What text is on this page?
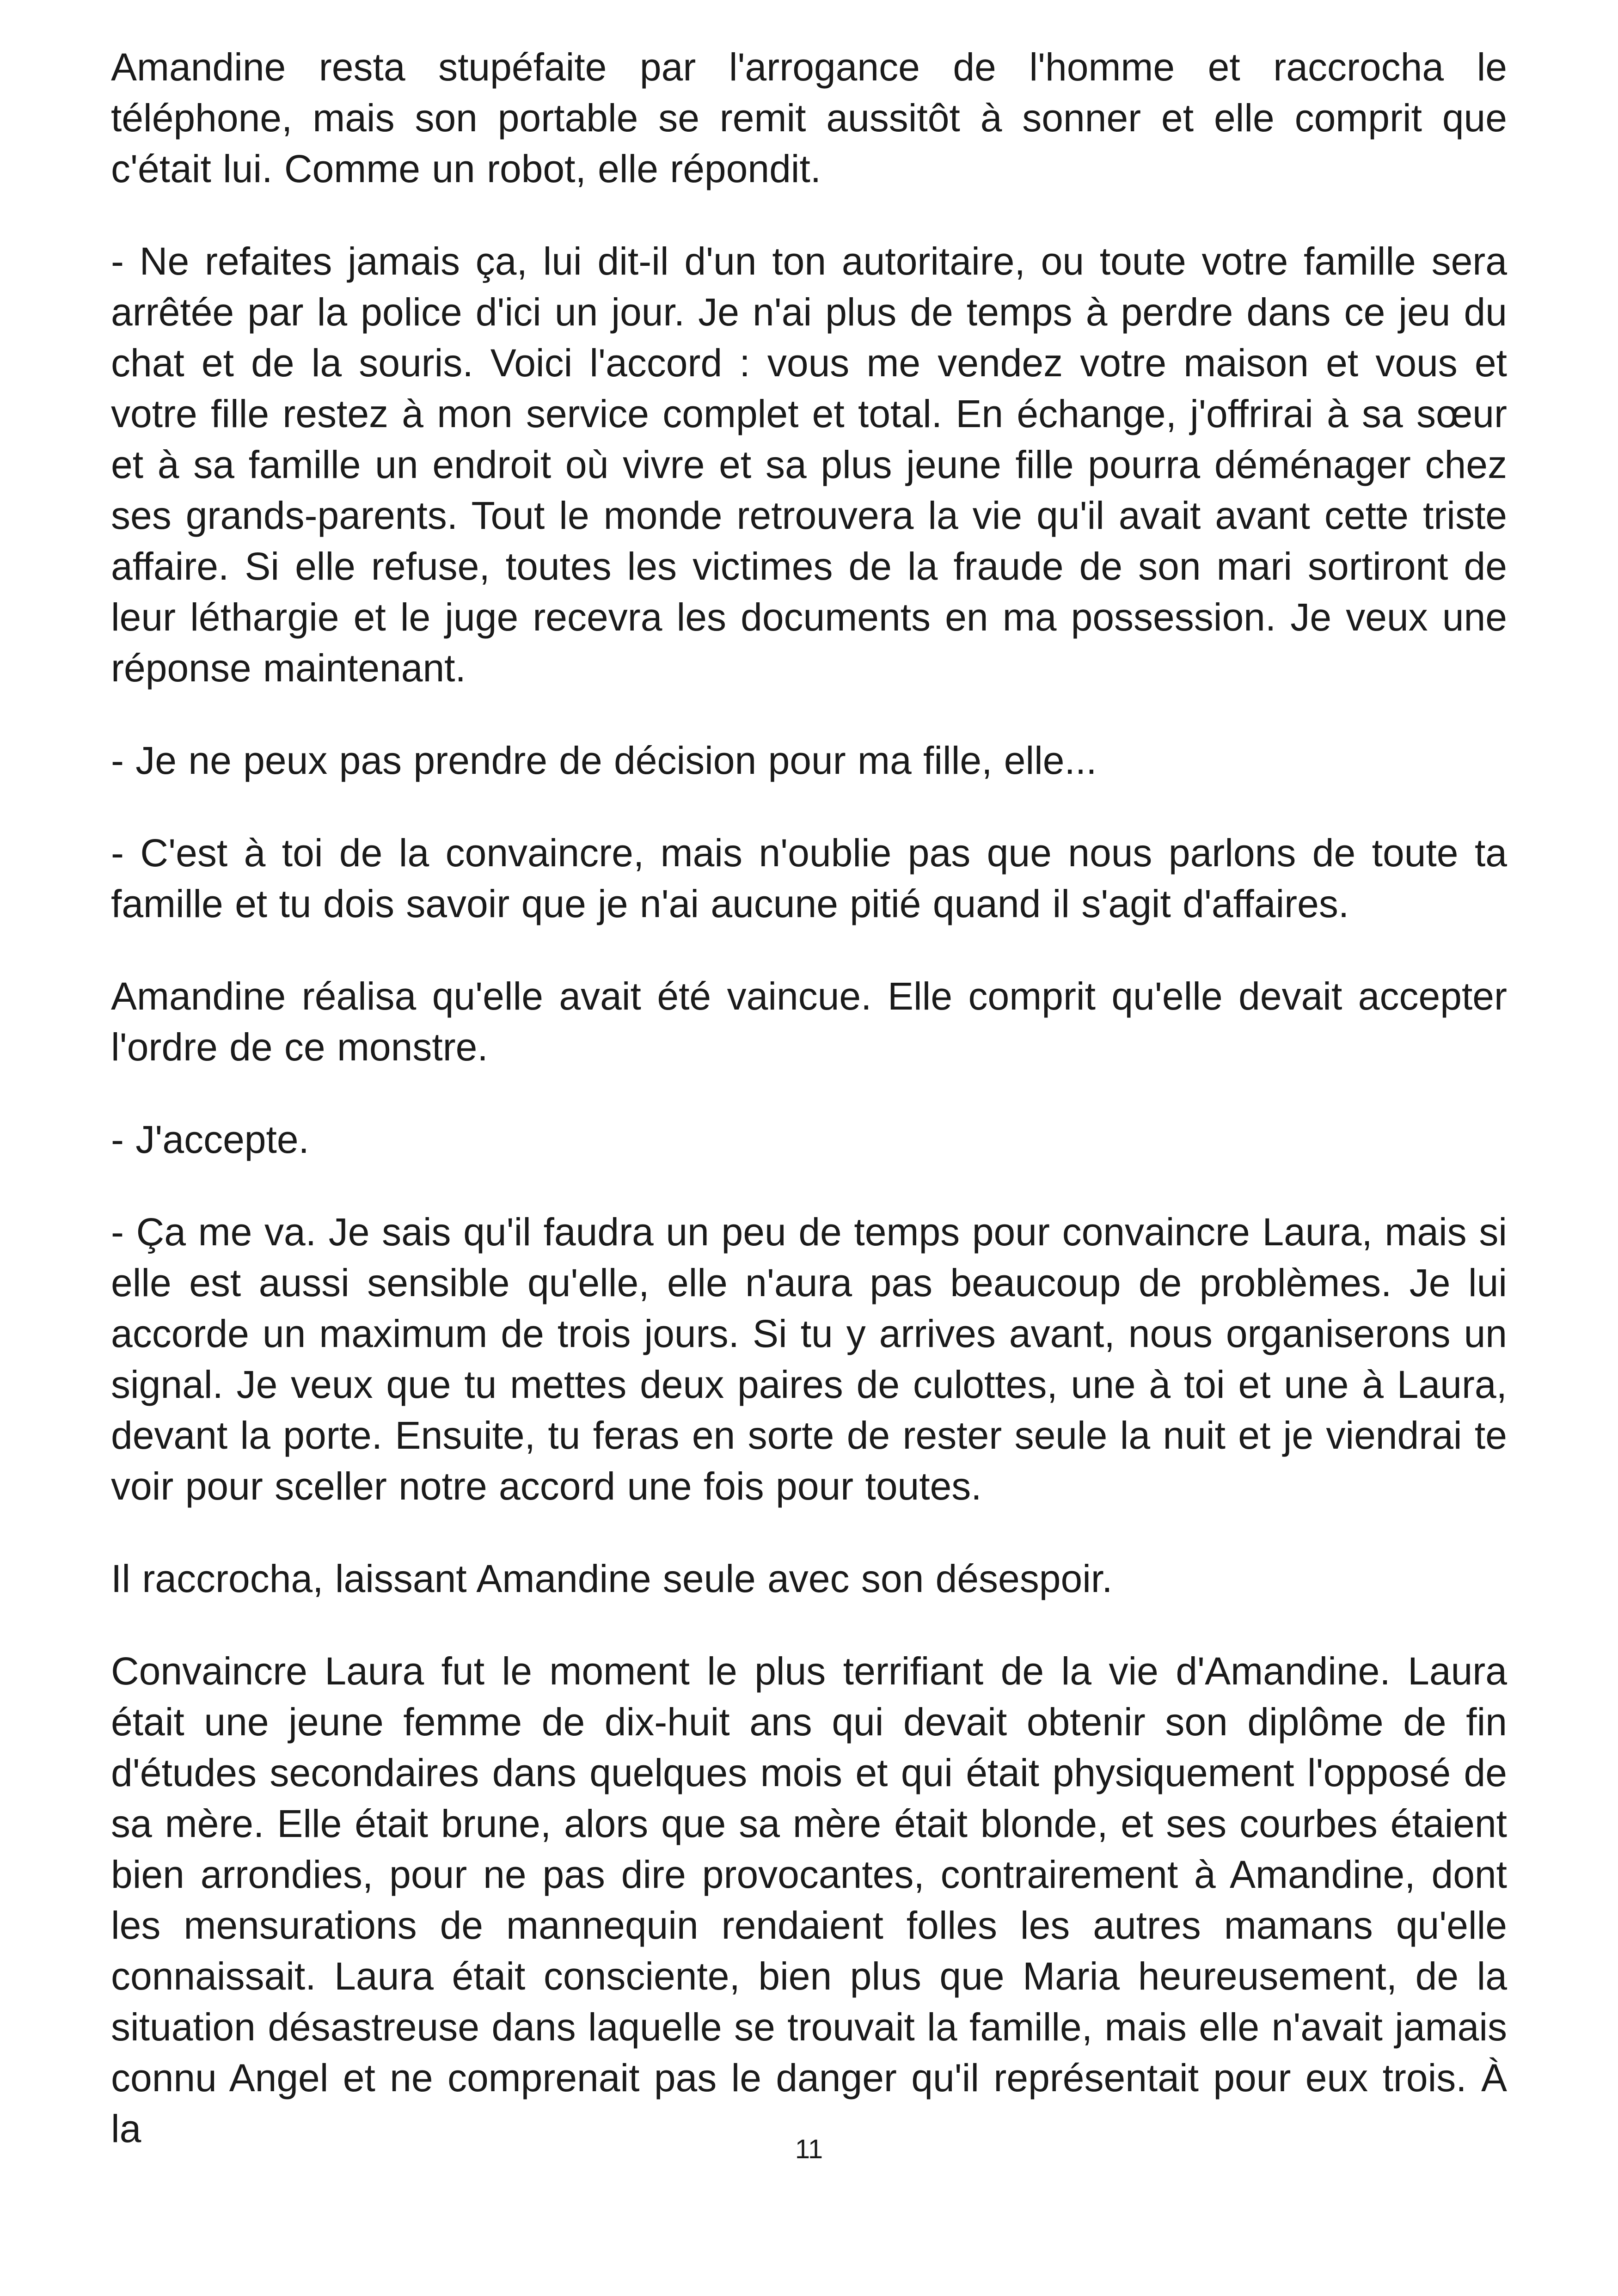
Amandine resta stupéfaite par l'arrogance de l'homme et raccrocha le téléphone, mais son portable se remit aussitôt à sonner et elle comprit que c'était lui. Comme un robot, elle répondit.

- Ne refaites jamais ça, lui dit-il d'un ton autoritaire, ou toute votre famille sera arrêtée par la police d'ici un jour. Je n'ai plus de temps à perdre dans ce jeu du chat et de la souris. Voici l'accord : vous me vendez votre maison et vous et votre fille restez à mon service complet et total. En échange, j'offrirai à sa sœur et à sa famille un endroit où vivre et sa plus jeune fille pourra déménager chez ses grands-parents. Tout le monde retrouvera la vie qu'il avait avant cette triste affaire. Si elle refuse, toutes les victimes de la fraude de son mari sortiront de leur léthargie et le juge recevra les documents en ma possession. Je veux une réponse maintenant.

- Je ne peux pas prendre de décision pour ma fille, elle...

- C'est à toi de la convaincre, mais n'oublie pas que nous parlons de toute ta famille et tu dois savoir que je n'ai aucune pitié quand il s'agit d'affaires.

Amandine réalisa qu'elle avait été vaincue. Elle comprit qu'elle devait accepter l'ordre de ce monstre.

- J'accepte.

- Ça me va. Je sais qu'il faudra un peu de temps pour convaincre Laura, mais si elle est aussi sensible qu'elle, elle n'aura pas beaucoup de problèmes. Je lui accorde un maximum de trois jours. Si tu y arrives avant, nous organiserons un signal. Je veux que tu mettes deux paires de culottes, une à toi et une à Laura, devant la porte. Ensuite, tu feras en sorte de rester seule la nuit et je viendrai te voir pour sceller notre accord une fois pour toutes.

Il raccrocha, laissant Amandine seule avec son désespoir.

Convaincre Laura fut le moment le plus terrifiant de la vie d'Amandine. Laura était une jeune femme de dix-huit ans qui devait obtenir son diplôme de fin d'études secondaires dans quelques mois et qui était physiquement l'opposé de sa mère. Elle était brune, alors que sa mère était blonde, et ses courbes étaient bien arrondies, pour ne pas dire provocantes, contrairement à Amandine, dont les mensurations de mannequin rendaient folles les autres mamans qu'elle connaissait. Laura était consciente, bien plus que Maria heureusement, de la situation désastreuse dans laquelle se trouvait la famille, mais elle n'avait jamais connu Angel et ne comprenait pas le danger qu'il représentait pour eux trois. À la	11
